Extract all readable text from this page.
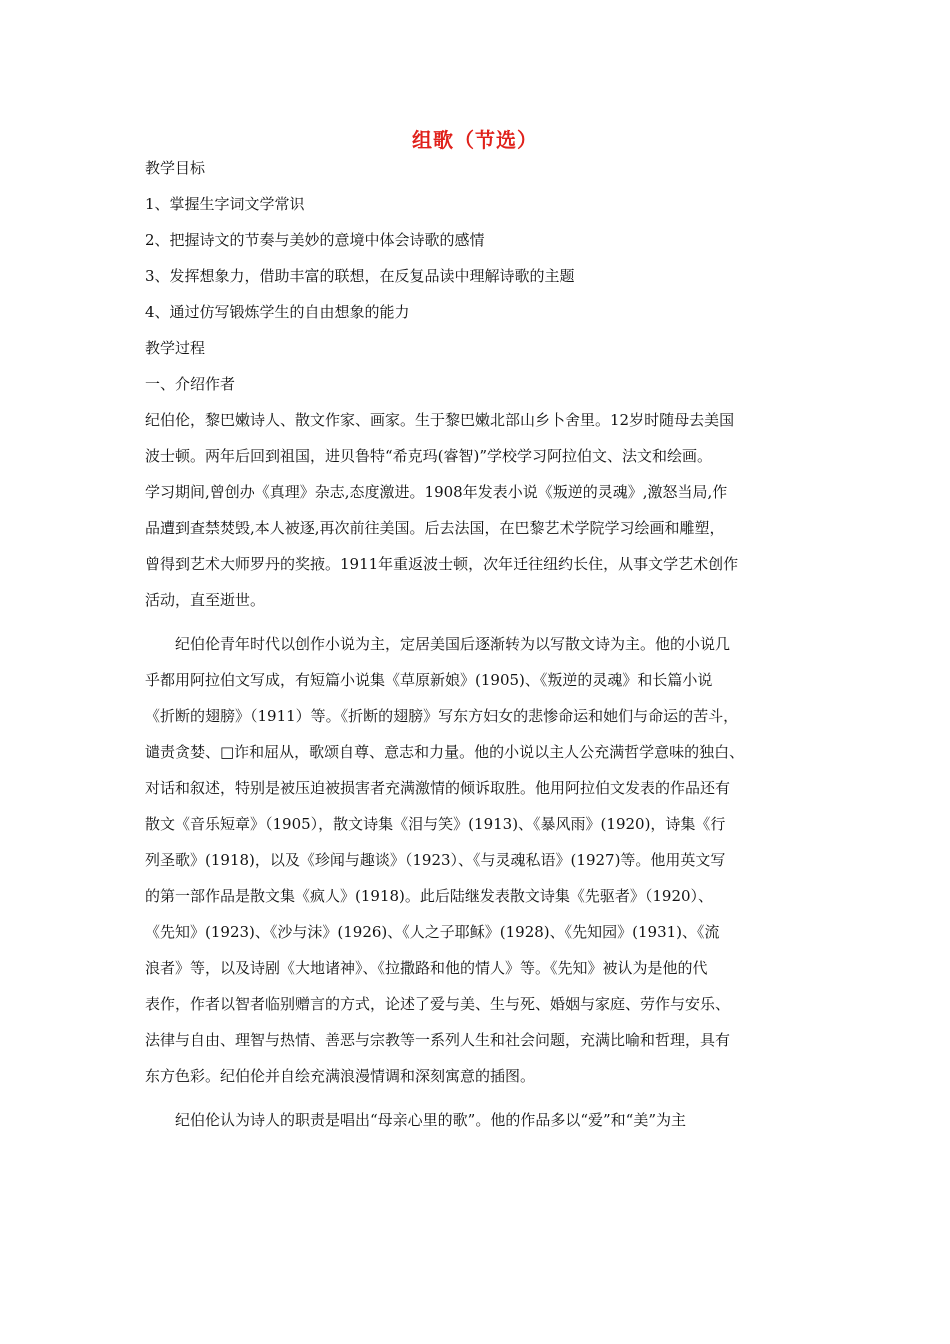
组歌（节选）
教学目标
1、掌握生字词文学常识
2、把握诗文的节奏与美妙的意境中体会诗歌的感情
3、发挥想象力，借助丰富的联想，在反复品读中理解诗歌的主题
4、通过仿写锻炼学生的自由想象的能力
教学过程
一、介绍作者
纪伯伦，黎巴嫩诗人、散文作家、画家。生于黎巴嫩北部山乡卜舍里。12岁时随母去美国
波士顿。两年后回到祖国，进贝鲁特“希克玛(睿智)”学校学习阿拉伯文、法文和绘画。
学习期间,曾创办《真理》杂志,态度激进。1908年发表小说《叛逆的灵魂》,激怒当局,作
品遭到查禁焚毁,本人被逐,再次前往美国。后去法国，在巴黎艺术学院学习绘画和雕塑，
曾得到艺术大师罗丹的奖掖。1911年重返波士顿，次年迁往纽约长住，从事文学艺术创作
活动，直至逝世。
纪伯伦青年时代以创作小说为主，定居美国后逐渐转为以写散文诗为主。他的小说几
乎都用阿拉伯文写成，有短篇小说集《草原新娘》(1905)、《叛逆的灵魂》和长篇小说
《折断的翅膀》（1911）等。《折断的翅膀》写东方妇女的悲惨命运和她们与命运的苦斗，
谴责贪婪、□诈和屈从，歌颂自尊、意志和力量。他的小说以主人公充满哲学意味的独白、
对话和叙述，特别是被压迫被损害者充满激情的倾诉取胜。他用阿拉伯文发表的作品还有
散文《音乐短章》（1905），散文诗集《泪与笑》(1913)、《暴风雨》(1920)，诗集《行
列圣歌》(1918)，以及《珍闻与趣谈》（1923）、《与灵魂私语》(1927)等。他用英文写
的第一部作品是散文集《疯人》(1918)。此后陆继发表散文诗集《先驱者》（1920）、
《先知》(1923)、《沙与沫》(1926)、《人之子耶稣》(1928)、《先知园》(1931)、《流
浪者》等，以及诗剧《大地诸神》、《拉撒路和他的情人》等。《先知》被认为是他的代
表作，作者以智者临别赠言的方式，论述了爱与美、生与死、婚姻与家庭、劳作与安乐、
法律与自由、理智与热情、善恶与宗教等一系列人生和社会问题，充满比喻和哲理，具有
东方色彩。纪伯伦并自绘充满浪漫情调和深刻寓意的插图。
纪伯伦认为诗人的职责是唱出“母亲心里的歌”。他的作品多以“爱”和“美”为主
